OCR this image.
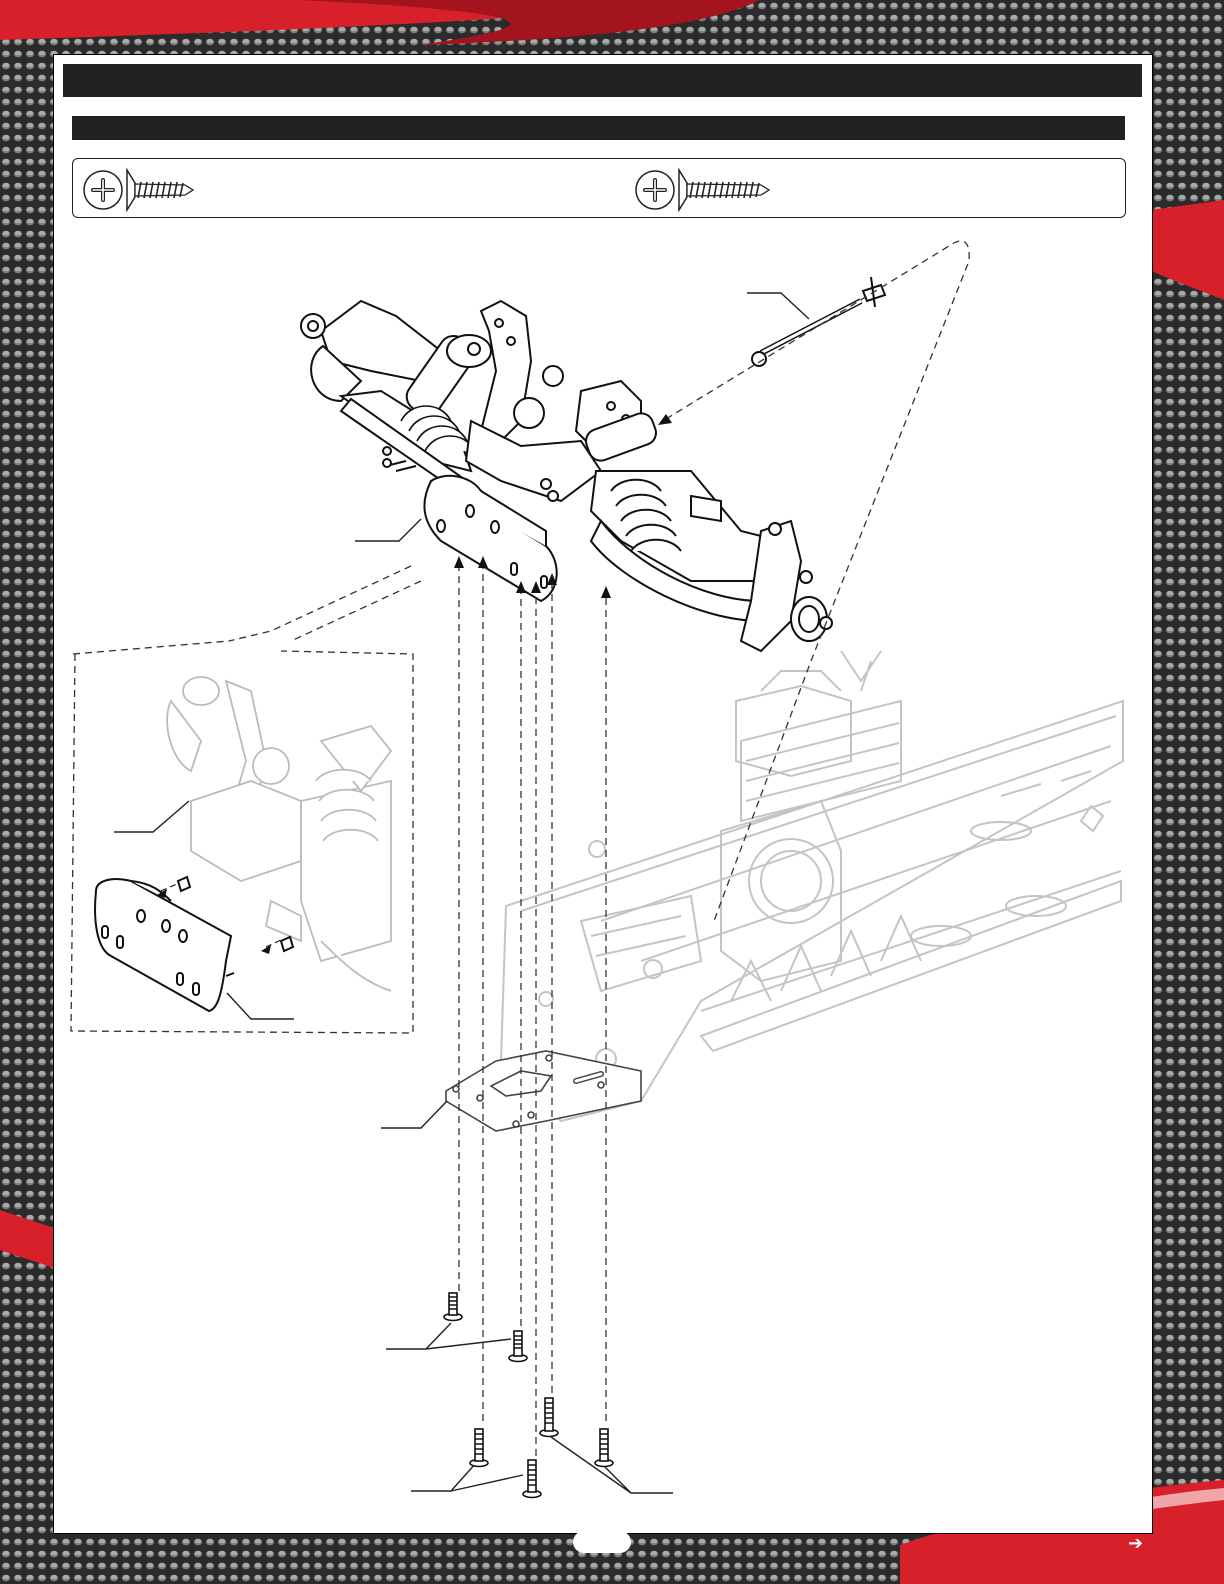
➔
